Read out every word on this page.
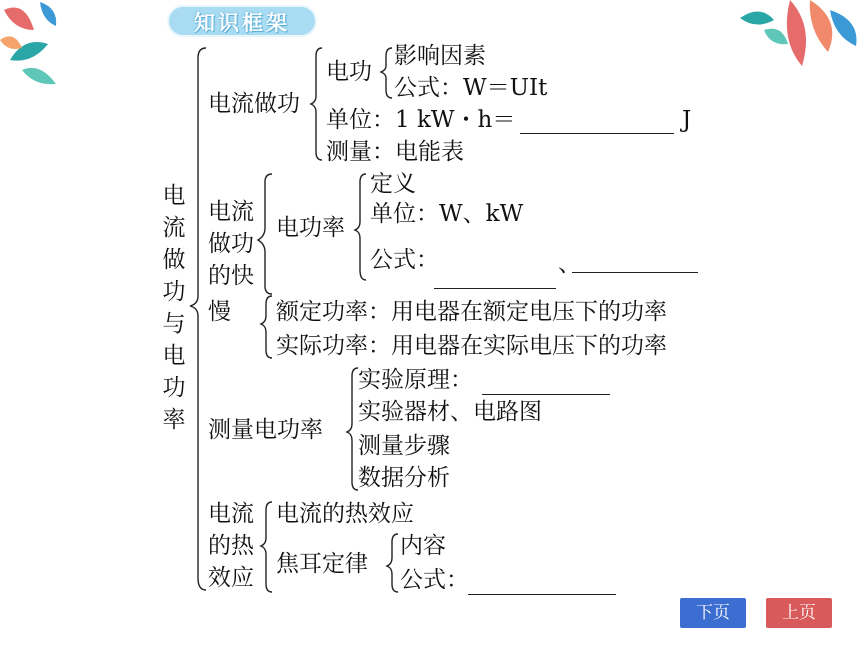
知识框架
电
流
做
功
与
电
功
率
电流做功
电功
影响因素
公式：W＝UIt
单位：1 kW・h＝	J
测量：电能表
电流
做功
的快
慢
电功率
定义
单位：W、kW
公式：	、
额定功率：用电器在额定电压下的功率
实际功率：用电器在实际电压下的功率
测量电功率
实验原理：
实验器材、电路图
测量步骤
数据分析
电流
的热
效应
电流的热效应
焦耳定律
内容
公式：
下页	上页
